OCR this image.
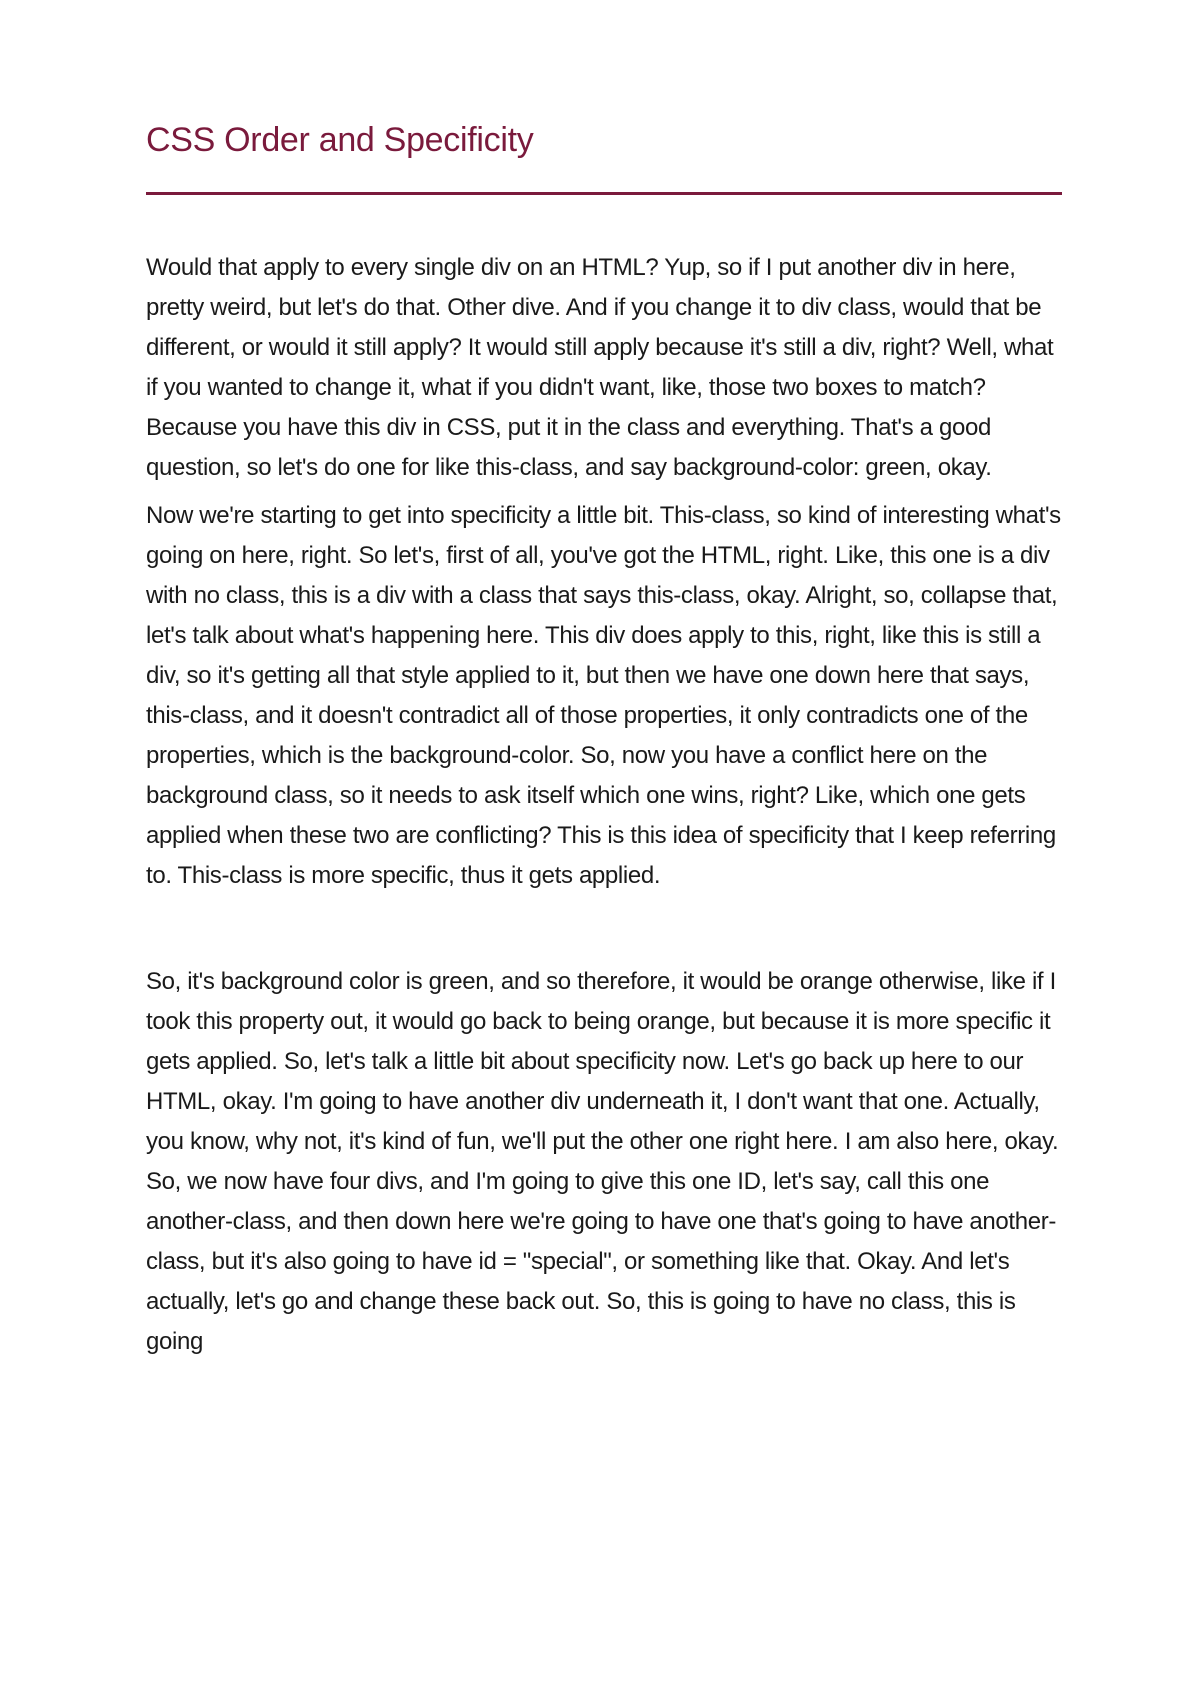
CSS Order and Specificity

Would that apply to every single div on an HTML? Yup, so if I put another div in here, pretty weird, but let's do that. Other dive. And if you change it to div class, would that be different, or would it still apply? It would still apply because it's still a div, right? Well, what if you wanted to change it, what if you didn't want, like, those two boxes to match? Because you have this div in CSS, put it in the class and everything. That's a good question, so let's do one for like this-class, and say background-color: green, okay.

Now we're starting to get into specificity a little bit. This-class, so kind of interesting what's going on here, right. So let's, first of all, you've got the HTML, right. Like, this one is a div with no class, this is a div with a class that says this-class, okay. Alright, so, collapse that, let's talk about what's happening here. This div does apply to this, right, like this is still a div, so it's getting all that style applied to it, but then we have one down here that says, this-class, and it doesn't contradict all of those properties, it only contradicts one of the properties, which is the background-color. So, now you have a conflict here on the background class, so it needs to ask itself which one wins, right? Like, which one gets applied when these two are conflicting? This is this idea of specificity that I keep referring to. This-class is more specific, thus it gets applied.

So, it's background color is green, and so therefore, it would be orange otherwise, like if I took this property out, it would go back to being orange, but because it is more specific it gets applied. So, let's talk a little bit about specificity now. Let's go back up here to our HTML, okay. I'm going to have another div underneath it, I don't want that one. Actually, you know, why not, it's kind of fun, we'll put the other one right here. I am also here, okay. So, we now have four divs, and I'm going to give this one ID, let's say, call this one another-class, and then down here we're going to have one that's going to have another-class, but it's also going to have id = "special", or something like that. Okay. And let's actually, let's go and change these back out. So, this is going to have no class, this is going
